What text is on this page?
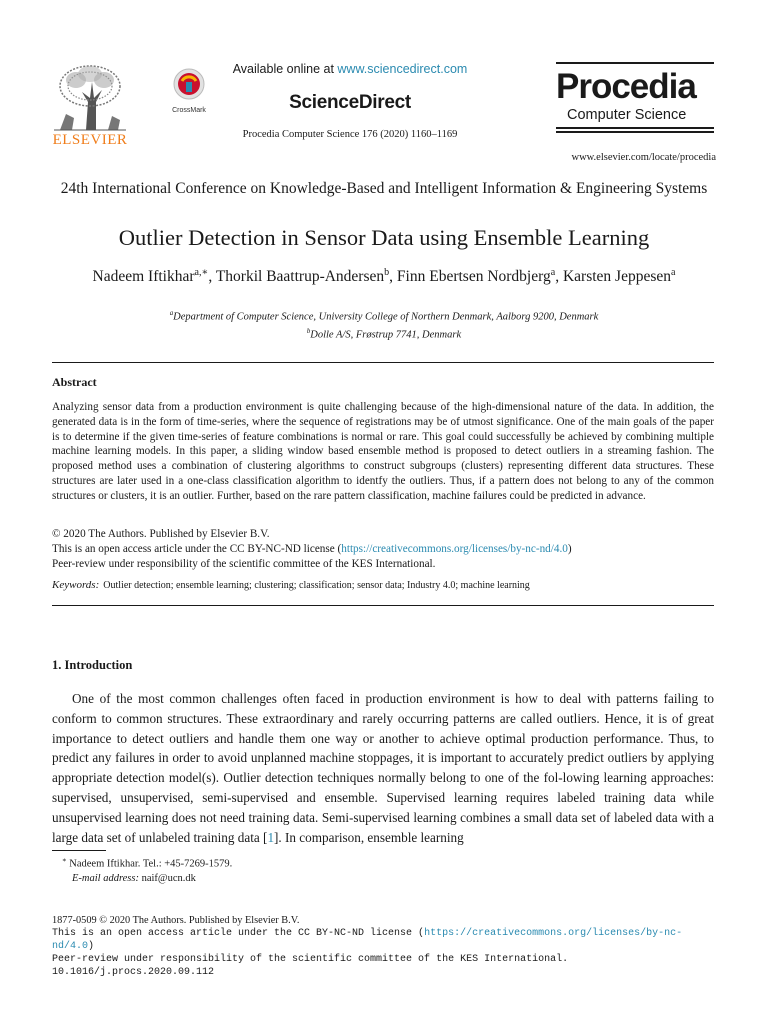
ELSEVIER
CrossMark
Available online at www.sciencedirect.com
ScienceDirect
Procedia Computer Science 176 (2020) 1160–1169
Procedia
Computer Science
www.elsevier.com/locate/procedia
24th International Conference on Knowledge-Based and Intelligent Information & Engineering Systems
Outlier Detection in Sensor Data using Ensemble Learning
Nadeem Iftikhar$^{a,∗}$, Thorkil Baattrup-Andersen$^b$, Finn Ebertsen Nordbjerg$^a$, Karsten Jeppesen$^a$
$^a$Department of Computer Science, University College of Northern Denmark, Aalborg 9200, Denmark
$^b$Dolle A/S, Frøstrup 7741, Denmark
Abstract
Analyzing sensor data from a production environment is quite challenging because of the high-dimensional nature of the data. In addition, the generated data is in the form of time-series, where the sequence of registrations may be of utmost significance. One of the main goals of the paper is to determine if the given time-series of feature combinations is normal or rare. This goal could successfully be achieved by combining multiple machine learning models. In this paper, a sliding window based ensemble method is proposed to detect outliers in a streaming fashion. The proposed method uses a combination of clustering algorithms to construct subgroups (clusters) representing different data structures. These structures are later used in a one-class classification algorithm to identfy the outliers. Thus, if a pattern does not belong to any of the common structures or clusters, it is an outlier. Further, based on the rare pattern classification, machine failures could be predicted in advance.
© 2020 The Authors. Published by Elsevier B.V.
This is an open access article under the CC BY-NC-ND license (https://creativecommons.org/licenses/by-nc-nd/4.0)
Peer-review under responsibility of the scientific committee of the KES International.
Keywords: Outlier detection; ensemble learning; clustering; classification; sensor data; Industry 4.0; machine learning
1. Introduction
One of the most common challenges often faced in production environment is how to deal with patterns failing to conform to common structures. These extraordinary and rarely occurring patterns are called outliers. Hence, it is of great importance to detect outliers and handle them one way or another to achieve optimal production performance. Thus, to predict any failures in order to avoid unplanned machine stoppages, it is important to accurately predict outliers by applying appropriate detection model(s). Outlier detection techniques normally belong to one of the fol-lowing learning approaches: supervised, unsupervised, semi-supervised and ensemble. Supervised learning requires labeled training data while unsupervised learning does not need training data. Semi-supervised learning combines a small data set of labeled data with a large data set of unlabeled training data [1]. In comparison, ensemble learning
∗ Nadeem Iftikhar. Tel.: +45-7269-1579.
E-mail address: naif@ucn.dk
1877-0509 © 2020 The Authors. Published by Elsevier B.V.
This is an open access article under the CC BY-NC-ND license (https://creativecommons.org/licenses/by-nc-nd/4.0)
Peer-review under responsibility of the scientific committee of the KES International.
10.1016/j.procs.2020.09.112
